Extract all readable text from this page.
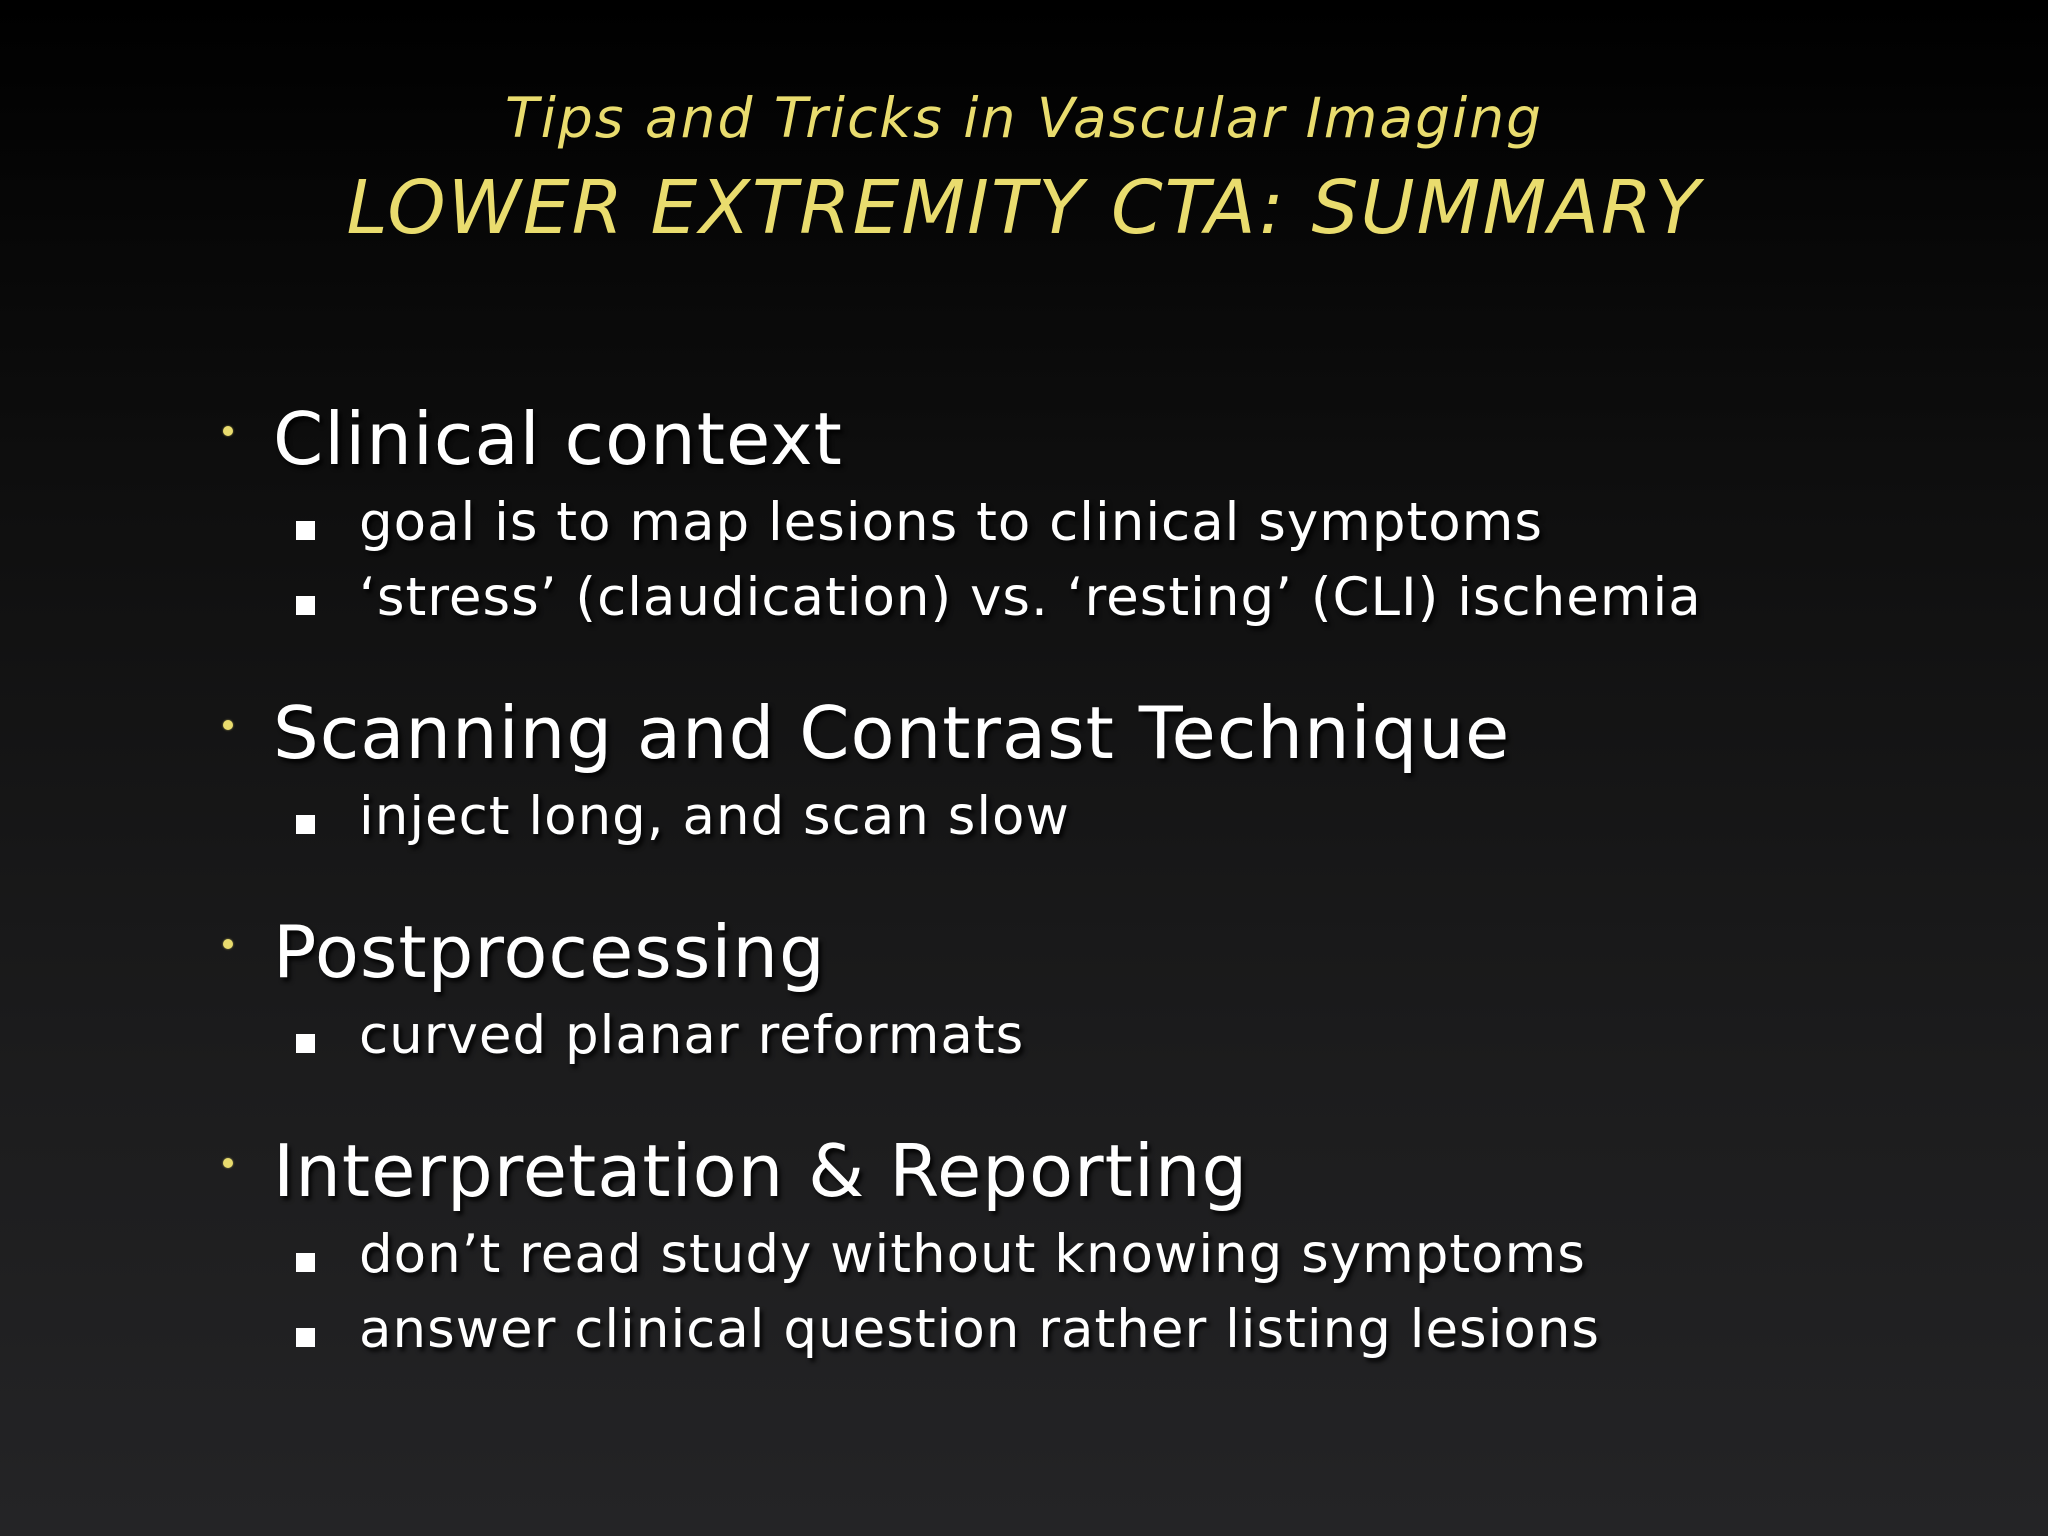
Tips and Tricks in Vascular Imaging

LOWER EXTREMITY CTA: SUMMARY

Clinical context
goal is to map lesions to clinical symptoms
‘stress’ (claudication) vs. ‘resting’ (CLI) ischemia
Scanning and Contrast Technique
inject long, and scan slow
Postprocessing
curved planar reformats
Interpretation & Reporting
don’t read study without knowing symptoms
answer clinical question rather listing lesions
